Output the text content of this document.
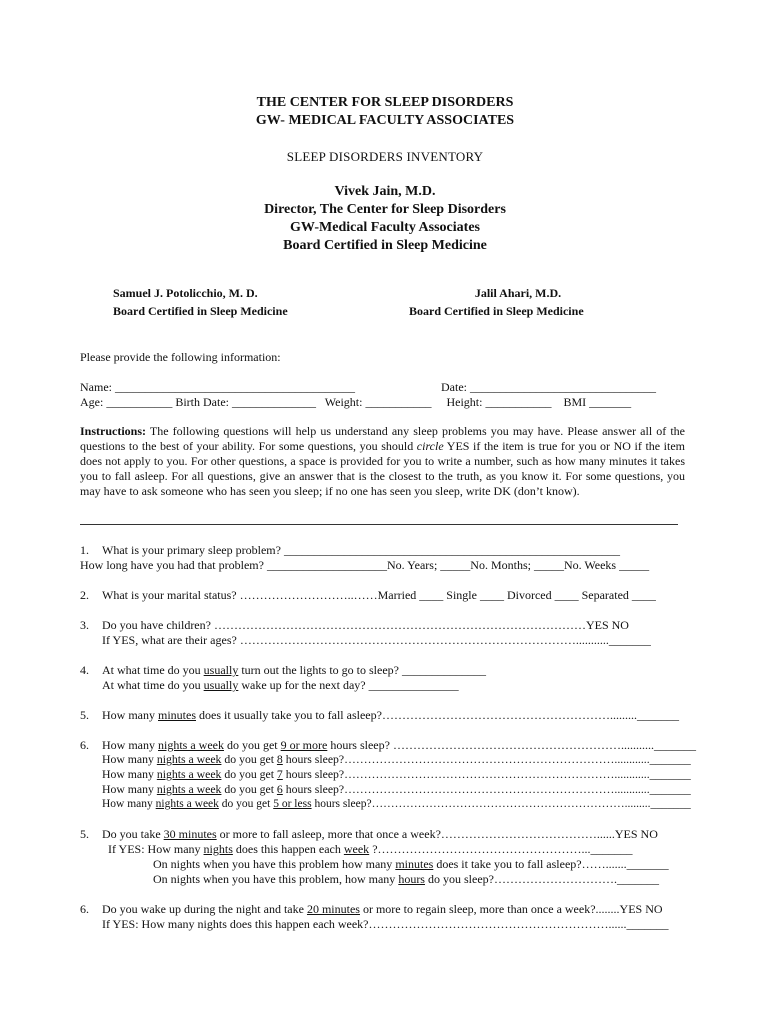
THE CENTER FOR SLEEP DISORDERS
GW- MEDICAL FACULTY ASSOCIATES
SLEEP DISORDERS INVENTORY
Vivek Jain, M.D.
Director, The Center for Sleep Disorders
GW-Medical Faculty Associates
Board Certified in Sleep Medicine
Samuel J. Potolicchio, M. D.
Board Certified in Sleep Medicine
Jalil Ahari, M.D.
Board Certified in Sleep Medicine
Please provide the following information:
Name: ________________________________________	Date: _______________________________
Age: ___________ Birth Date: ______________ Weight: ___________ Height: ___________ BMI _______
Instructions: The following questions will help us understand any sleep problems you may have. Please answer all of the questions to the best of your ability. For some questions, you should circle YES if the item is true for you or NO if the item does not apply to you. For other questions, a space is provided for you to write a number, such as how many minutes it takes you to fall asleep. For all questions, give an answer that is the closest to the truth, as you know it. For some questions, you may have to ask someone who has seen you sleep; if no one has seen you sleep, write DK (don’t know).
1. What is your primary sleep problem? ________________________________________________________
How long have you had that problem? ____________________No. Years; _____No. Months; _____No. Weeks _____
2. What is your marital status? ………………………..……Married ____ Single ____ Divorced ____ Separated ____
3. Do you have children? …………………………………………………………………………………YES NO
If YES, what are their ages? …………………………………………………………………………..........._______
4. At what time do you usually turn out the lights to go to sleep? ______________
At what time do you usually wake up for the next day? _______________
5. How many minutes does it usually take you to fall asleep?…………………………………………………........._______
6. How many nights a week do you get 9 or more hours sleep? …………………………………………………..........._______
How many nights a week do you get 8 hours sleep?……………………………………………………………............_______
How many nights a week do you get 7 hours sleep?……………………………………………………………............_______
How many nights a week do you get 6 hours sleep?……………………………………………………………............_______
How many nights a week do you get 5 or less hours sleep?…………………………………………………………........._______
5. Do you take 30 minutes or more to fall asleep, more that once a week?…………………………………......YES NO
If YES: How many nights does this happen each week ?……………………………………………..._______
On nights when you have this problem how many minutes does it take you to fall asleep?……......._______
On nights when you have this problem, how many hours do you sleep?…………………………._______
6. Do you wake up during the night and take 20 minutes or more to regain sleep, more than once a week?........YES NO
If YES: How many nights does this happen each week?……………………………………………………......_______
